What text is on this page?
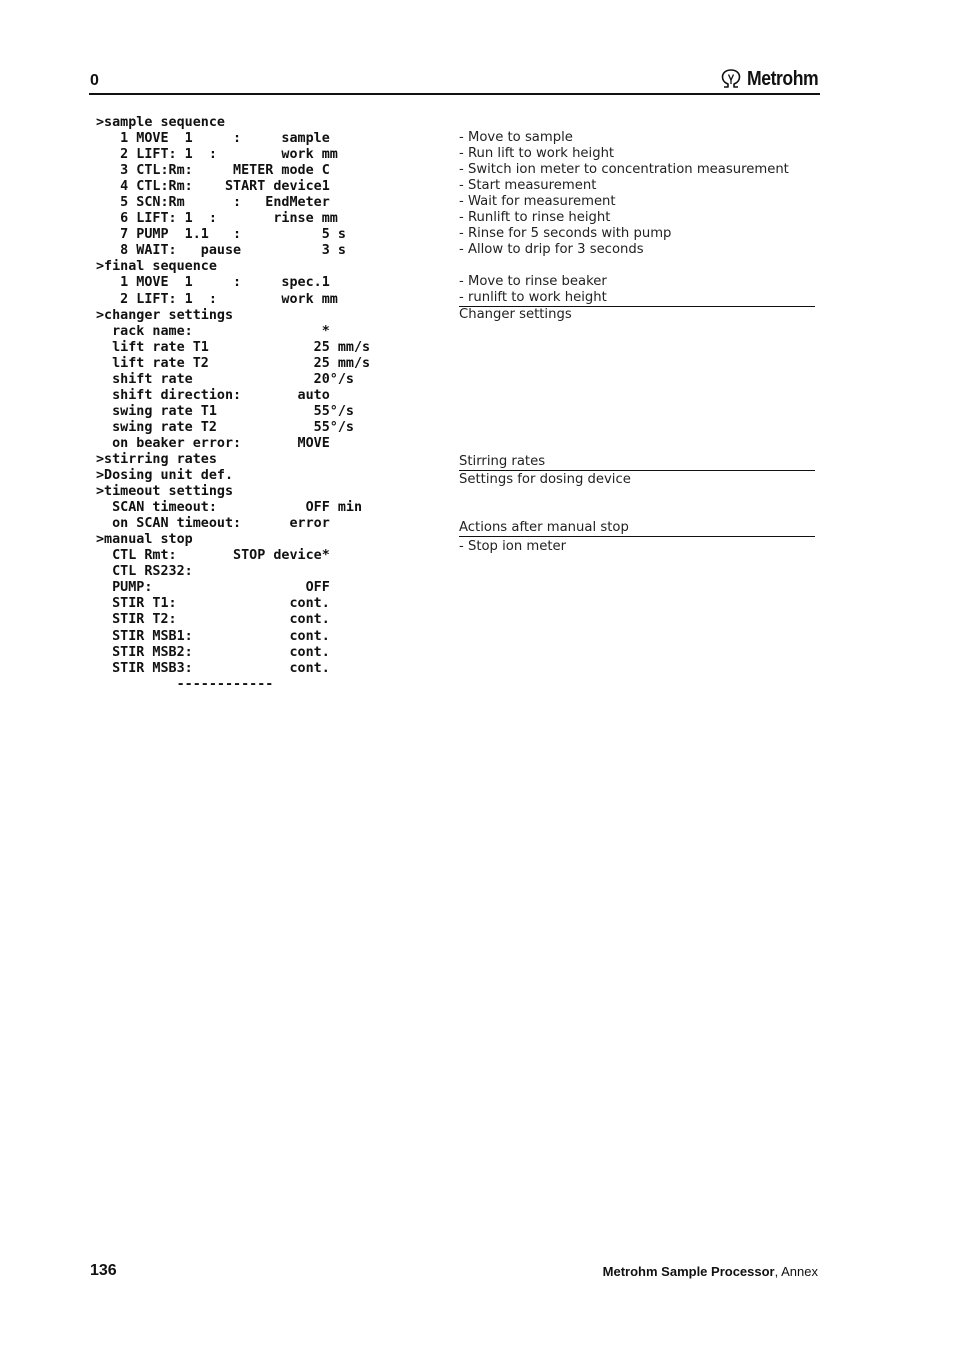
0	Metrohm
>sample sequence
1 MOVE  1     :     sample
2 LIFT: 1  :        work mm
3 CTL:Rm:     METER mode C
4 CTL:Rm:    START device1
5 SCN:Rm      :   EndMeter
6 LIFT: 1  :       rinse mm
7 PUMP  1.1   :          5 s
8 WAIT:   pause          3 s
>final sequence
1 MOVE  1     :     spec.1
2 LIFT: 1  :        work mm
>changer settings
rack name:                *
lift rate T1             25 mm/s
lift rate T2             25 mm/s
shift rate               20°/s
shift direction:       auto
swing rate T1            55°/s
swing rate T2            55°/s
on beaker error:       MOVE
>stirring rates
>Dosing unit def.
>timeout settings
SCAN timeout:           OFF min
on SCAN timeout:      error
>manual stop
CTL Rmt:       STOP device*
CTL RS232:
PUMP:                   OFF
STIR T1:              cont.
STIR T2:              cont.
STIR MSB1:            cont.
STIR MSB2:            cont.
STIR MSB3:            cont.
------------
- Move to sample
- Run lift to work height
- Switch ion meter to concentration measurement
- Start measurement
- Wait for measurement
- Runlift to rinse height
- Rinse for 5 seconds with pump
- Allow to drip for 3 seconds
- Move to rinse beaker
- runlift to work height
Changer settings
Stirring rates
Settings for dosing device
Actions after manual stop
- Stop ion meter
136	Metrohm Sample Processor, Annex
